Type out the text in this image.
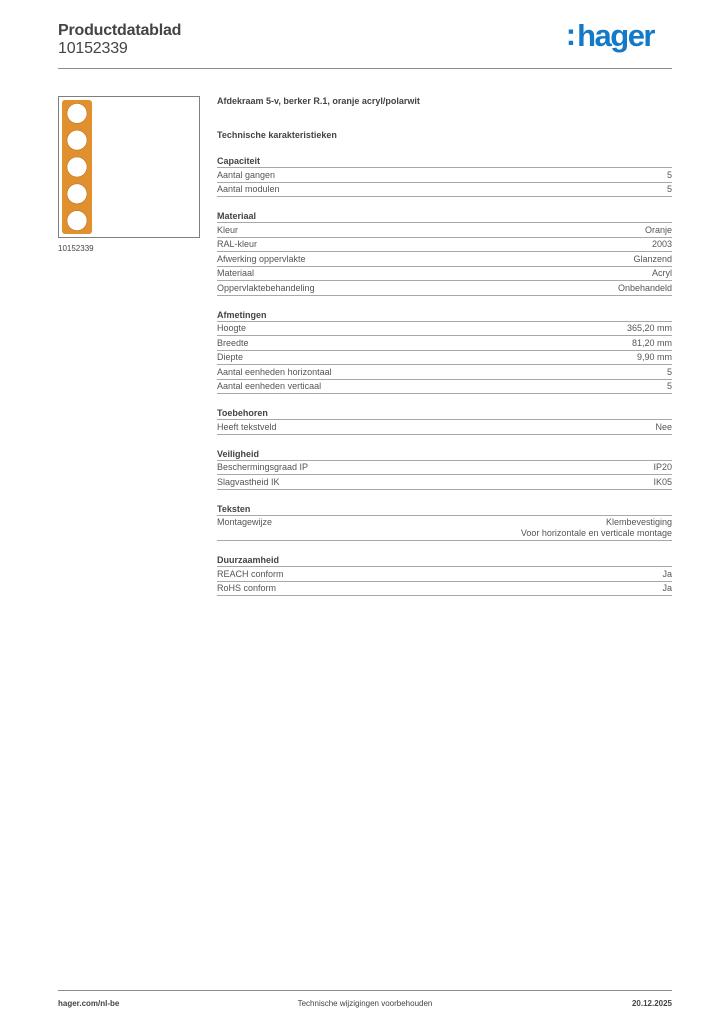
Productdatablad
10152339	:hager
10152339
Afdekraam 5-v, berker R.1, oranje acryl/polarwit
Technische karakteristieken
Capaciteit
Aantal gangen	5
Aantal modulen	5
Materiaal
Kleur	Oranje
RAL-kleur	2003
Afwerking oppervlakte	Glanzend
Materiaal	Acryl
Oppervlaktebehandeling	Onbehandeld
Afmetingen
Hoogte	365,20 mm
Breedte	81,20 mm
Diepte	9,90 mm
Aantal eenheden horizontaal	5
Aantal eenheden verticaal	5
Toebehoren
Heeft tekstveld	Nee
Veiligheid
Beschermingsgraad IP	IP20
Slagvastheid IK	IK05
Teksten
Montagewijze	Klembevestiging
Voor horizontale en verticale montage
Duurzaamheid
REACH conform	Ja
RoHS conform	Ja
hager.com/nl-be	Technische wijzigingen voorbehouden	20.12.2025
